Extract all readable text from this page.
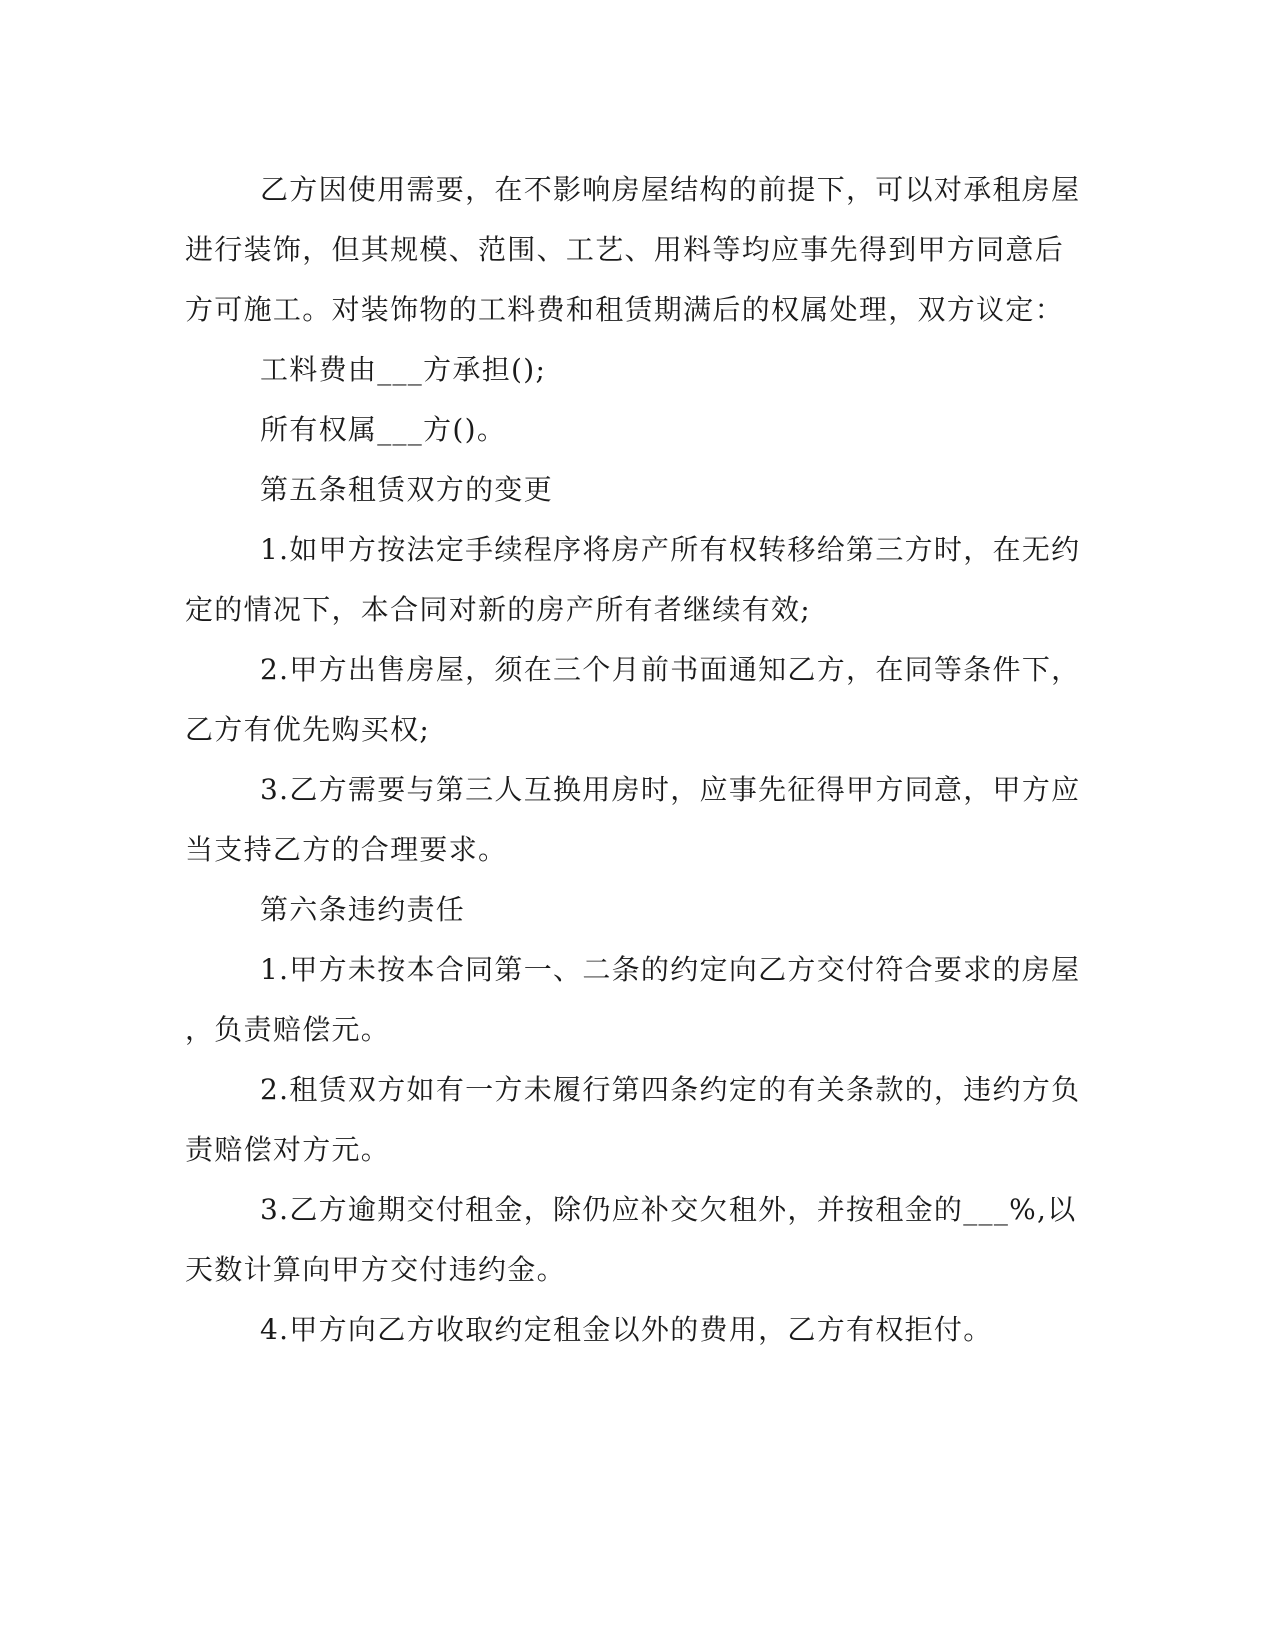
乙方因使用需要，在不影响房屋结构的前提下，可以对承租房屋
进行装饰，但其规模、范围、工艺、用料等均应事先得到甲方同意后
方可施工。对装饰物的工料费和租赁期满后的权属处理，双方议定：
工料费由___方承担();
所有权属___方()。
第五条租赁双方的变更
1.如甲方按法定手续程序将房产所有权转移给第三方时，在无约
定的情况下，本合同对新的房产所有者继续有效;
2.甲方出售房屋，须在三个月前书面通知乙方，在同等条件下，
乙方有优先购买权;
3.乙方需要与第三人互换用房时，应事先征得甲方同意，甲方应
当支持乙方的合理要求。
第六条违约责任
1.甲方未按本合同第一、二条的约定向乙方交付符合要求的房屋
，负责赔偿元。
2.租赁双方如有一方未履行第四条约定的有关条款的，违约方负
责赔偿对方元。
3.乙方逾期交付租金，除仍应补交欠租外，并按租金的___%,以
天数计算向甲方交付违约金。
4.甲方向乙方收取约定租金以外的费用，乙方有权拒付。
